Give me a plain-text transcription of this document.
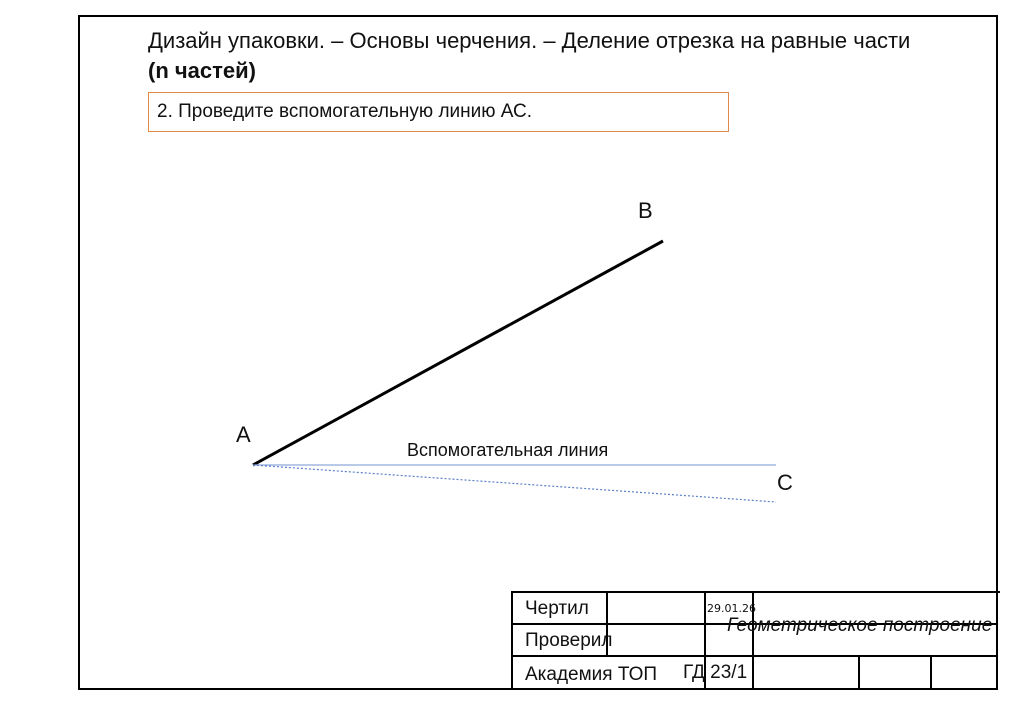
Дизайн упаковки. – Основы черчения. – Деление отрезка на равные части
(n частей)
2. Проведите вспомогательную линию АС.
В
А
С
Вспомогательная линия
Чертил
Проверил
29.01.26
Геометрическое построение
Академия ТОП ГД 23/1
